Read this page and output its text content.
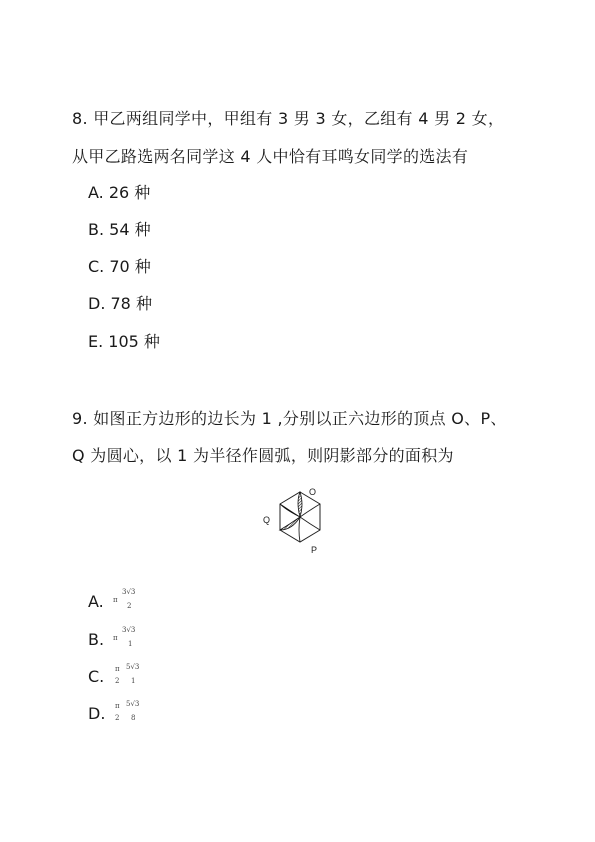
8. 甲乙两组同学中，甲组有 3 男 3 女，乙组有 4 男 2 女，
从甲乙路选两名同学这 4 人中恰有耳鸣女同学的选法有
A. 26 种
B. 54 种
C. 70 种
D. 78 种
E. 105 种
9. 如图正方边形的边长为 1 ,分别以正六边形的顶点 O、P、
Q 为圆心，以 1 为半径作圆弧，则阴影部分的面积为
O
Q
P
A. π
3√3
2
B. π
3√3
1
C. π
2
5√3
1
D. π
2
5√3
8
